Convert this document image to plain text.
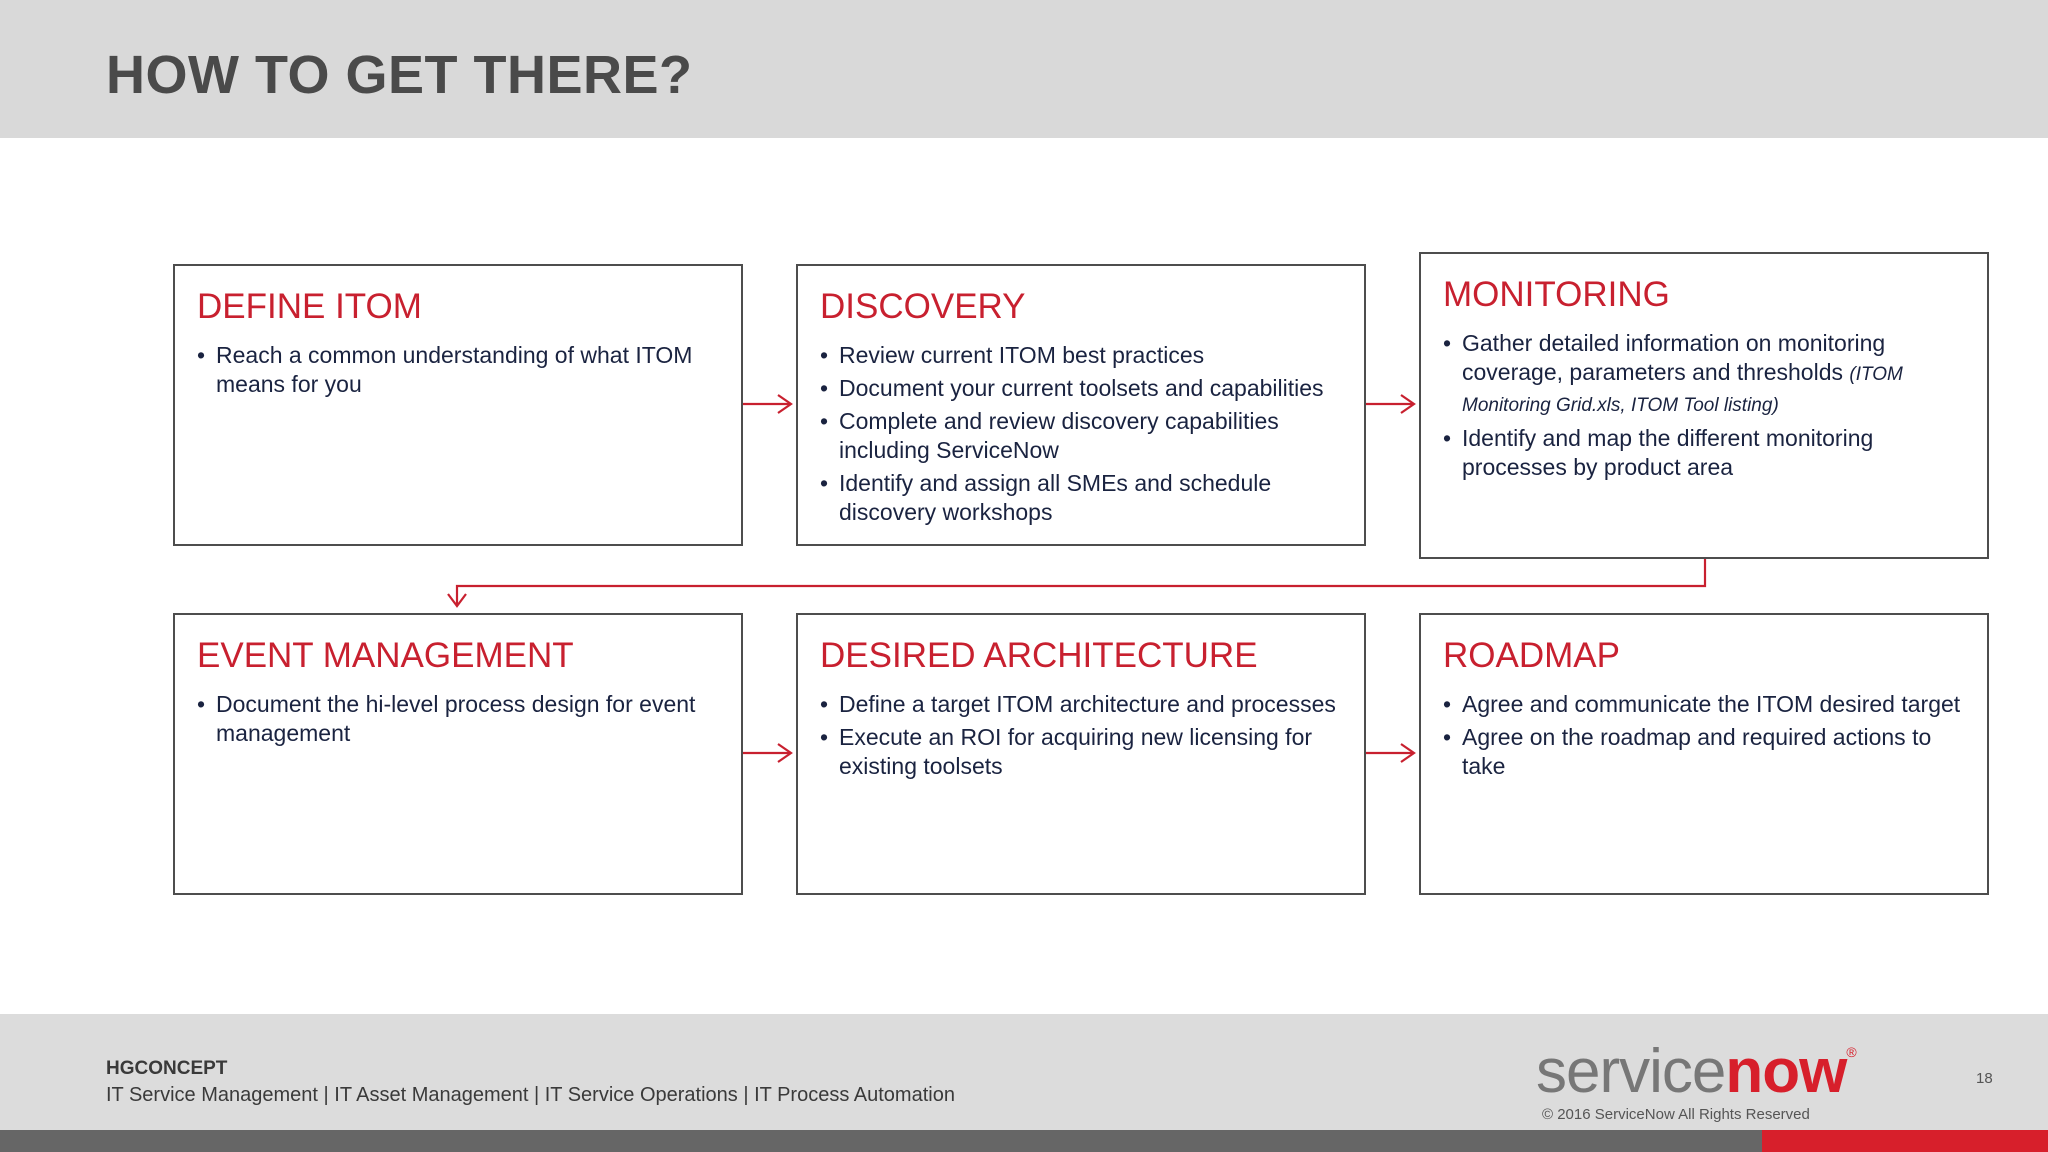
HOW TO GET THERE?
DEFINE ITOM
• Reach a common understanding of what ITOM means for you
DISCOVERY
• Review current ITOM best practices
• Document your current toolsets and capabilities
• Complete and review discovery capabilities including ServiceNow
• Identify and assign all SMEs and schedule discovery workshops
MONITORING
• Gather detailed information on monitoring coverage, parameters and thresholds (ITOM Monitoring Grid.xls, ITOM Tool listing)
• Identify and map the different monitoring processes by product area
EVENT MANAGEMENT
• Document the hi-level process design for event management
DESIRED ARCHITECTURE
• Define a target ITOM architecture and processes
• Execute an ROI for acquiring new licensing for existing toolsets
ROADMAP
• Agree and communicate the ITOM desired target
• Agree on the roadmap and required actions to take
HGCONCEPT
IT Service Management | IT Asset Management | IT Service Operations | IT Process Automation	servicenow®
© 2016 ServiceNow All Rights Reserved
18
